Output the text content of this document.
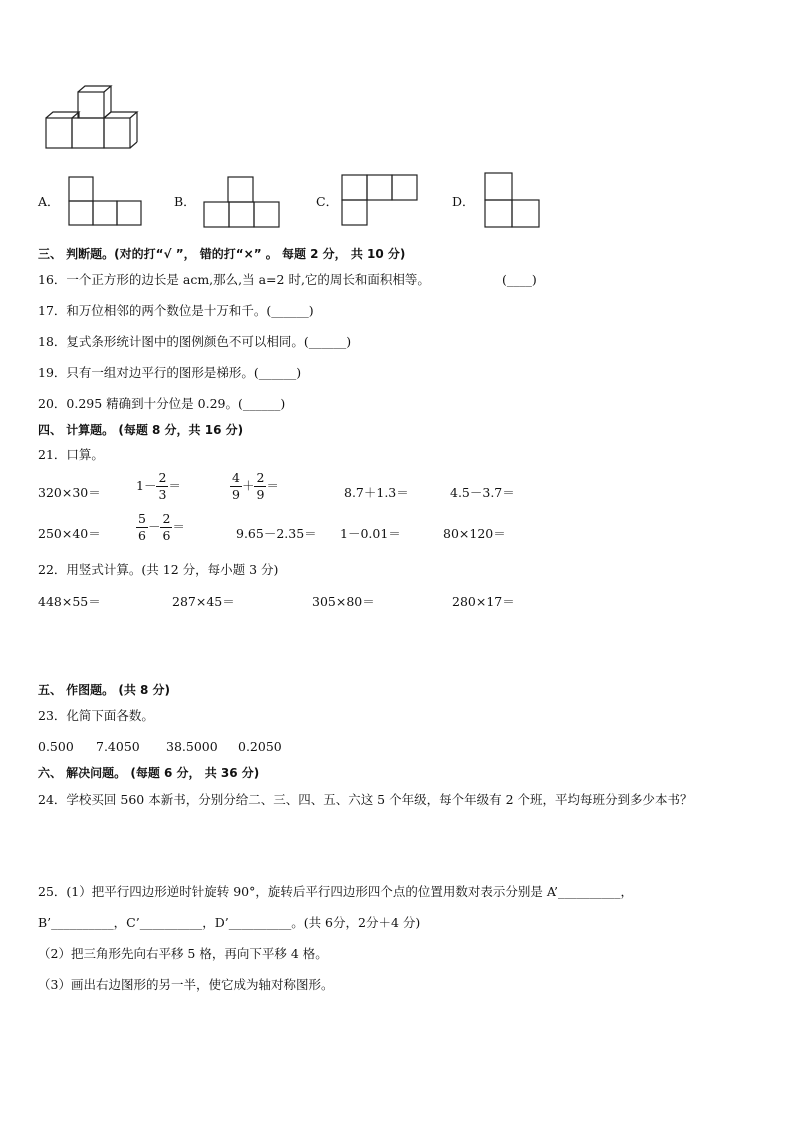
A．	B．	C．	D．
三、 判断题。(对的打“√ ”， 错的打“×” 。 每题 2 分， 共 10 分)
16．一个正方形的边长是 acm,那么,当 a=2 时,它的周长和面积相等。	(____)
17．和万位相邻的两个数位是十万和千。(______)
18．复式条形统计图中的图例颜色不可以相同。(______)
19．只有一组对边平行的图形是梯形。(______)
20．0.295 精确到十分位是 0.29。(______)
四、 计算题。 (每题 8 分，共 16 分)
21．口算。
320×30＝	$1- \frac{2}{3}$ ＝	$\frac{4}{9} + \frac{2}{9}$ ＝	8.7＋1.3＝	4.5－3.7＝
250×40＝	$\frac{5}{6} - \frac{2}{6}$ ＝	9.65－2.35＝ 1－0.01＝	80×120＝
22．用竖式计算。(共 12 分，每小题 3 分)
448×55＝	287×45＝	305×80＝	280×17＝
五、 作图题。 (共 8 分)
23．化简下面各数。
0.500 7.4050 38.5000 0.2050
六、 解决问题。 (每题 6 分， 共 36 分)
24．学校买回 560 本新书，分别分给二、三、四、五、六这 5 个年级，每个年级有 2 个班，平均每班分到多少本书？
25．(1）把平行四边形逆时针旋转 90°，旋转后平行四边形四个点的位置用数对表示分别是 A’__________，
B’__________，C’__________，D’__________。(共 6分，2分＋4 分)
（2）把三角形先向右平移 5 格，再向下平移 4 格。
（3）画出右边图形的另一半，使它成为轴对称图形。
